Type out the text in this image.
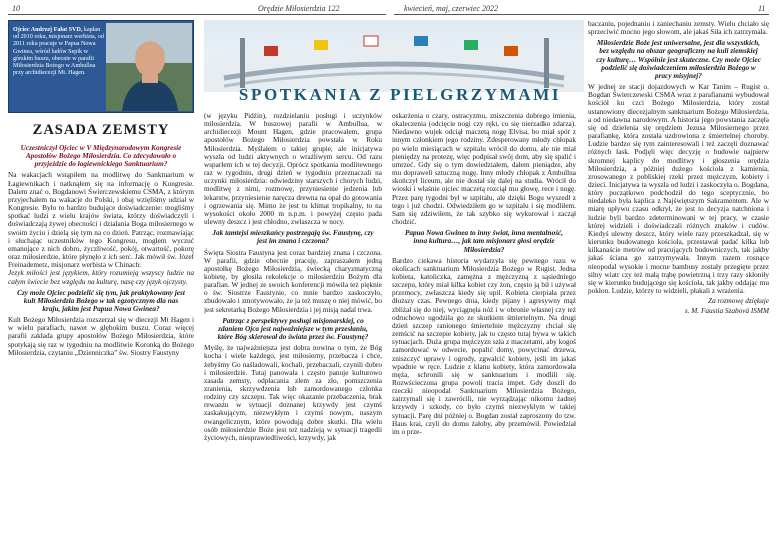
10	Orędzie Miłosierdzia 122	kwiecień, maj, czerwiec 2022	11
Ojciec Andrzej Fałat SVD, kapłan od 2010 roku, misjonarz werbista, od 2011 roku pracuje w Papua Nowa Gwinea, wśród ludów Sepik w górskim buszu, obecnie w parafii Miłosierdzia Bożego w Ambullua przy archidiecezji Mt. Hagen.
ZASADA ZEMSTY
SPOTKANIA Z PIELGRZYMAMI

Uczestniczył Ojciec w V Międzynarodowym Kongresie Apostołów Bożego Miłosierdzia. Co zdecydowało o przyjeździe do łagiewnickiego Sanktuarium?

Na wakacjach wstąpiłem na modlitwę do Sanktuarium w Łagiewnikach i natknąłem się na informację o Kongresie. Dalem znać o. Bogdanowi Świerczewskiemu CSMA, z którym przyjechałem na wakacje do Polski, i obaj wzięliśmy udział w Kongresie. Było to bardzo budujące doświadczenie: mogliśmy spotkać ludzi z wielu krajów świata, którzy doświadczyli i doświadczają żywej obecności i działania Boga miłosiernego w swoim życiu i dzielą się tym na co dzień. Patrząc, rozmawiając i słuchając uczestników tego Kongresu, mogłem wyczuć emanujące z nich dobro, życzliwość, pokój, otwartość, pokorę oraz miłosierdzie, które płynęło z ich serc. Jak mówił św. Józef Freinademetz, misjonarz werbista w Chinach:

Jezyk miłości jest językiem, który rozumieją wszyscy ludzie na całym świecie bez względu na kulturę, nasę czy język ojczysty.

Czy może Ojciec podzielić się tym, jak praktykowany jest kult Miłosierdzia Bożego w tak egzotycznym dla nas kraju, jakim jest Papua Nowa Gwinea?

Kult Bożego Miłosierdzia rozszerzał się w diecezji Mt Hagen i w wielu parafiach, nawet w głębokim buszu. Coraz więcej parafii zakłada grupy apostołów Bożego Miłosierdzia, które spotykają się raz w tygodniu na modlitwie Koronką do Bożego Miłosierdzia, czytaniu „Dzienniczka” św. Siostry Faustyny

(w języku Pidźin), rozdzielaniu posługi i uczynków miłosierdzia. W buszowej parafii w Ambullua, w archidiecezji Mount Hagen, gdzie pracowałem, grupa apostołów Bożego Miłosierdzia powstała w Roku Miłosierdzia. Myślałem o takiej grupie, ale inicjatywa wyszła od ludzi aktywnych o wrażliwym sercu. Od razu wsparłem ich w tej decyzji. Oprócz spotkania modlitewnego raz w tygodniu, drugi dzień w tygodniu przeznaczali na uczynki miłosierdzia: odwiedziny starszych i chorych ludzi, modlitwę z nimi, rozmowę, przyniesienie jedzenia lub lekarstw, przyniesienie naręcza drewna na opał do gotowania i ogrzewania się. Mimo że jest tu klimat tropikalny, to na wysokości około 2000 m n.p.m. i powyżej często pada ulewny deszcz i jest chłodno, zwłaszcza w nocy.

Jak tamtejsi mieszkańcy postrzegają św. Faustynę, czy jest im znana i czczona?

Święta Siostra Faustyna jest coraz bardziej znana i czczona. W parafii, gdzie obecnie pracuję, zapraszałem jedną apostołkę Bożego Miłosierdzia, świecką charyzmatyczną kobietę, by głosiła rekolekcje o miłosierdziu Bożym dla parafian. W jednej ze swoich konferencji mówiła też pięknie o św. Siostrze Faustynie, co mnie bardzo zaskoczyło, zbudowało i zmotywowało, że ja też muszę o niej mówić, bo jest sekretarką Bożego Miłosierdzia i jej misją nadal trwa.

Patrząc z perspektywy posługi misjonarskiej, co zdaniem Ojca jest najważniejsze w tym przesłaniu, które Bóg skierował do świata przez św. Faustynę?

Myślę, że najważniejsza jest dobra nowina o tym, że Bóg kocha i wiele każdego, jest miłosierny, przebacza i chce, żebyśmy Go naśladowali, kochali, przebaczali, czynili dobro i miłosierdzie. Tutaj panowała i często panuje kulturowo zasada zemsty, odpłacania złem za zło, pomszczenia zranienia, skrzywdzenia lub zamordowanego członka rodziny czy szczepu. Tak więc okazanie przebaczenia, brak rewanżu w sytuacji doznanej krzywdy jest czymś zaskakującym, niezwykłym i czymś nowym, naszym ewangelicznym, które powodują dobre skutki. Dla wielu osób miłosierdzie Boże jest też nadzieją w sytuacji tragedii życiowych, niesprawiedliwości, krzywdy, jak

oskarżenia o czary, ostracyzmu, zniszczenia dobrego imienia, okaleczenia (odcięcie nogi czy ręki, co się nierzadko zdarza). Niedawno wujek odciął maczetą nogę Elvisa, bo miał spór z innym członkiem jego rodziny. Zdesperowany młody chłopak po wielu miesiącach w szpitalu wrócił do domu, ale nie miał pieniędzy na protezę, więc podpisał swój dom, aby się spalić i umrzeć. Gdy się o tym dowiedziałem, dałem pieniądze, aby mu dopraweli sztuczną nogę. Inny młody chłopak z Ambullua skończył liceum, ale nie dostał się dalej na studia. Wrócił do wioski i właśnie ojciec maczetą rozciął mu głowę, rece i nogę. Przez parę tygodni był w szpitalu, ale dzięki Bogu wyszedł z tego i już chodzi. Odwiedziłem go w szpitalu i się modliłem. Sam się zdziwiłem, że tak szybko się wykurował i zaczął chodzić.

Papua Nowa Gwinea to inny świat, inna mentalność, inna kultura…, jak tam misjonarz głosi orędzie Miłosierdzia?

Bardzo ciekawa historia wydarzyła się pewnego razu w okolicach sanktuarium Miłosierdzia Bożego w Rugist. Jedna kobieta, katoliczka, zamężna z mężczyzną z sąsiedniego szczepu, który miał kilka kobiet czy żon, często ją bił i używał przemocy, zwłaszcza kiedy się upił. Kobieta cierpiała przez dłuższy czas. Pewnego dnia, kiedy pijany i agresywny mąż zbliżał się do niej, wyciągnęła nóż i w obronie własnej czy też odruchowo ugodziła go ze skutkiem śmiertelnym. Na drugi dzień szczep ranionego śmiertelnie mężczyzny chciał się zemścić na szczepie kobiety, jak to często tutaj bywa w takich sytuacjach. Duża grupa mężczyzn szła z maczetami, aby kogoś zamordować w odwecie, popalić domy, powycinać drzewa, zniszczyć uprawy i ogrody, zgwałcić kobiety, jeśli im jakaś wpadnie w ręce. Ludzie z klanu kobiety, która zamordowała męża, schronili się w sanktuarium i modlili się. Rozwścieczona grupa powoli tracia impet. Gdy doszli do rzeczki nieopodal Sanktuarium Miłosierdzia Bożego, zatrzymali się i zawrócili, nie wyrządzając nikomu żadnej krzywdy i szkody, co było czymś niezwykłym w takiej sytuacji. Parę dni później o. Bogdan został zaproszony do tzw. Haus krai, czyli do domu żałoby, aby przemówił. Powiedział im o prze-

baczaniu, pojednaniu i zaniechaniu zemsty. Wielu chciało się sprzeciwić mocno jego słowom, ale jakaś Siła ich zatrzymała.

Miłosierdzie Boże jest uniwersalne, jest dla wszystkich, bez względu na obszar geograficzny na kuli ziemskiej czy kulturę… Wspólnie jest skuteczne. Czy może Ojciec podzielić się doświadczeniem miłosierdzia Bożego w pracy misyjnej?

W jednej ze stacji dojazdowych w Kar Tanim – Rugist o. Bogdan Świerczewski CSMA wraz z parafianami wybudował kościół ku czci Bożego Miłosierdzia, który został ustanowiony diecezjalnym sanktuarium Bożego Miłosierdzia, a od niedawna narodowym. A historia jego powstania zaczęła się od dzielenia się orędziem Jezusa Miłosiernego przez parafiankę, która została uzdrowiona z śmiertelnej choroby. Ludzie bardzo się tym zainteresowali i też zaczęli doznawać różnych łask. Podjęli więc decyzję o budowie najpierw skromnej kaplicy do modlitwy i głoszenia orędzia Miłosierdzia, a później dużego kościoła z kamienia, zrosowanego z pobliskiej rzeki przez mężczyzn, kobiety i dzieci. Inicjatywa ta wyszła od ludzi i zaskoczyła o. Bogdana, który początkowo podchodził do tego sceptycznie, bo niedaleko była kaplica z Najświętszym Sakramentem. Ale w miarę upływu czasu odkrył, że jest to decyzja natchniona i ludzie byli bardzo zdeterminowani w tej pracy, w czasie której widzieli i doświadczali różnych znaków i cudów. Kiedyś ulewny deszcz, który wiele razy przeszkadzał, się w kierunku budowanego kościoła, przestawał padać kilka lub kilkanaście metrów od pracujących budowniczych, tak jakby jakaś ściana go zatrzymywała. Innym razem rosnące nieopodal wysokie i mocne bambusy zostały przegięte przez silny wiatr czy też małą trąbę powietrzną i trzy razy skłoniły się w kierunku budującego się kościoła, tak jakby oddając mu pokłon. Ludzie, którzy to widzieli, płakali z wrażenia.

Za rozmowę dziękuje

s. M. Faustia Szabová ISMM
